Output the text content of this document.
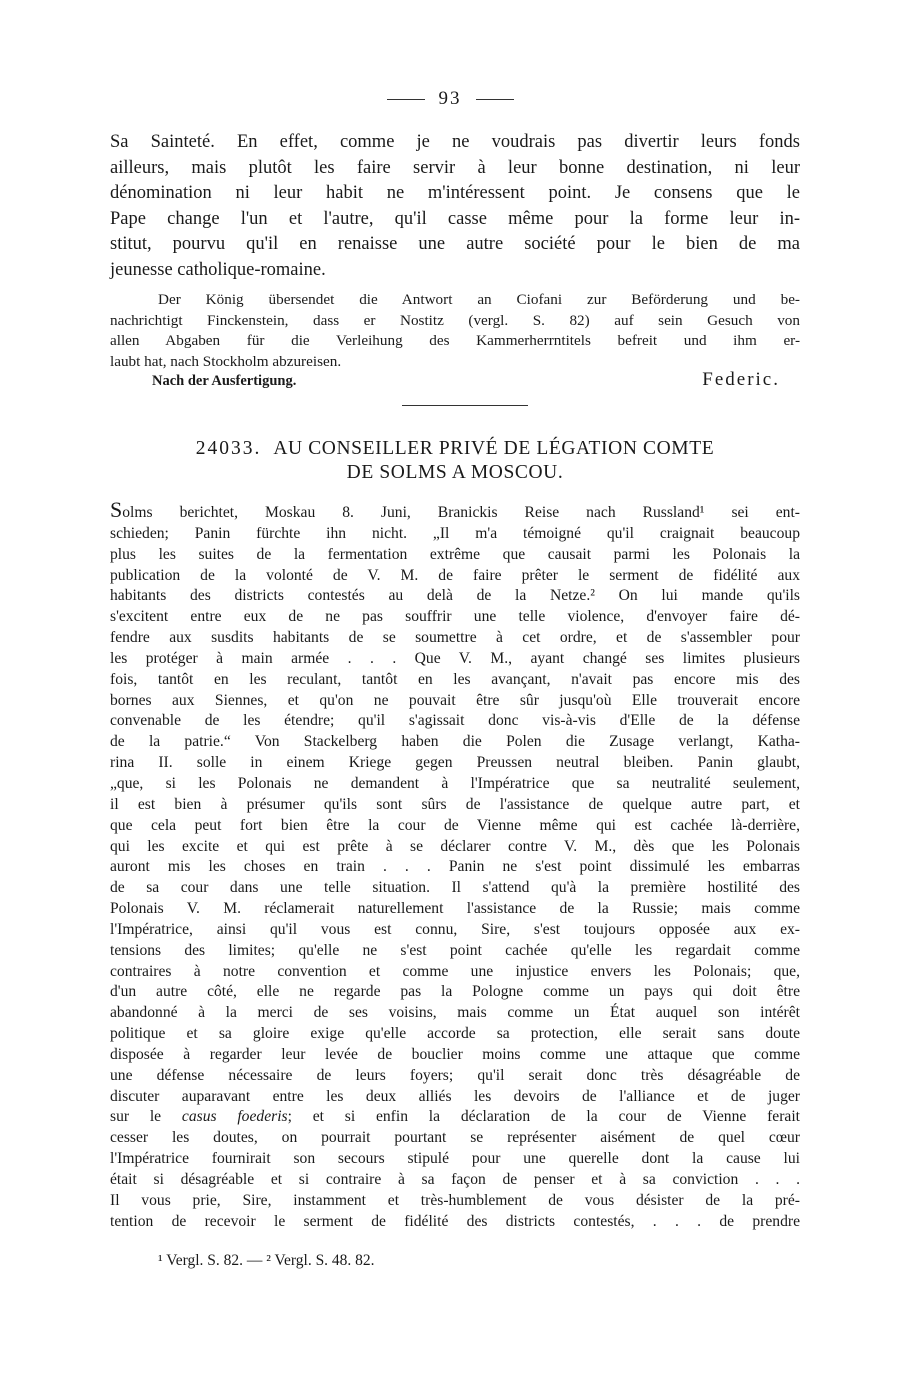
93
Sa Sainteté. En effet, comme je ne voudrais pas divertir leurs fonds
ailleurs, mais plutôt les faire servir à leur bonne destination, ni leur
dénomination ni leur habit ne m'intéressent point. Je consens que le
Pape change l'un et l'autre, qu'il casse même pour la forme leur in-
stitut, pourvu qu'il en renaisse une autre société pour le bien de ma
jeunesse catholique-romaine.
Der König übersendet die Antwort an Ciofani zur Beförderung und be-
nachrichtigt Finckenstein, dass er Nostitz (vergl. S. 82) auf sein Gesuch von
allen Abgaben für die Verleihung des Kammerherrntitels befreit und ihm er-
laubt hat, nach Stockholm abzureisen.
Nach der Ausfertigung.	Federic.
24033. AU CONSEILLER PRIVÉ DE LÉGATION COMTE
DE SOLMS A MOSCOU.
Solms berichtet, Moskau 8. Juni, Branickis Reise nach Russland¹ sei ent-
schieden; Panin fürchte ihn nicht. „Il m'a témoigné qu'il craignait beaucoup
plus les suites de la fermentation extrême que causait parmi les Polonais la
publication de la volonté de V. M. de faire prêter le serment de fidélité aux
habitants des districts contestés au delà de la Netze.² On lui mande qu'ils
s'excitent entre eux de ne pas souffrir une telle violence, d'envoyer faire dé-
fendre aux susdits habitants de se soumettre à cet ordre, et de s'assembler pour
les protéger à main armée . . . Que V. M., ayant changé ses limites plusieurs
fois, tantôt en les reculant, tantôt en les avançant, n'avait pas encore mis des
bornes aux Siennes, et qu'on ne pouvait être sûr jusqu'où Elle trouverait encore
convenable de les étendre; qu'il s'agissait donc vis-à-vis d'Elle de la défense
de la patrie.“ Von Stackelberg haben die Polen die Zusage verlangt, Katha-
rina II. solle in einem Kriege gegen Preussen neutral bleiben. Panin glaubt,
„que, si les Polonais ne demandent à l'Impératrice que sa neutralité seulement,
il est bien à présumer qu'ils sont sûrs de l'assistance de quelque autre part, et
que cela peut fort bien être la cour de Vienne même qui est cachée là-derrière,
qui les excite et qui est prête à se déclarer contre V. M., dès que les Polonais
auront mis les choses en train . . . Panin ne s'est point dissimulé les embarras
de sa cour dans une telle situation. Il s'attend qu'à la première hostilité des
Polonais V. M. réclamerait naturellement l'assistance de la Russie; mais comme
l'Impératrice, ainsi qu'il vous est connu, Sire, s'est toujours opposée aux ex-
tensions des limites; qu'elle ne s'est point cachée qu'elle les regardait comme
contraires à notre convention et comme une injustice envers les Polonais; que,
d'un autre côté, elle ne regarde pas la Pologne comme un pays qui doit être
abandonné à la merci de ses voisins, mais comme un État auquel son intérêt
politique et sa gloire exige qu'elle accorde sa protection, elle serait sans doute
disposée à regarder leur levée de bouclier moins comme une attaque que comme
une défense nécessaire de leurs foyers; qu'il serait donc très désagréable de
discuter auparavant entre les deux alliés les devoirs de l'alliance et de juger
sur le casus foederis; et si enfin la déclaration de la cour de Vienne ferait
cesser les doutes, on pourrait pourtant se représenter aisément de quel cœur
l'Impératrice fournirait son secours stipulé pour une querelle dont la cause lui
était si désagréable et si contraire à sa façon de penser et à sa conviction . . .
Il vous prie, Sire, instamment et très-humblement de vous désister de la pré-
tention de recevoir le serment de fidélité des districts contestés, . . . de prendre
¹ Vergl. S. 82. — ² Vergl. S. 48. 82.
